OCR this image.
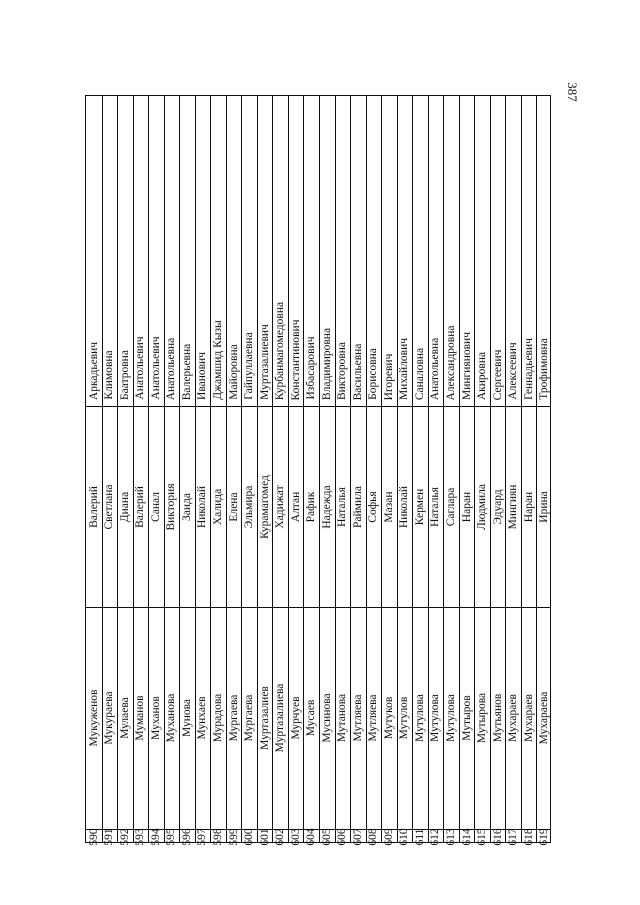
387
590
Мукуженов
Валерий
Аркадьевич
591
Мукураева
Светлана
Климовна
592
Мулаева
Диана
Баатровна
593
Муманов
Валерий
Анатольевич
594
Муханов
Санал
Анатольевич
595
Муханова
Виктория
Анатольевна
596
Мунова
Заида
Валерьевна
597
Мунхаев
Николай
Иванович
598
Мурадова
Халида
Джамшид Кызы
599
Мургаева
Елена
Майоровна
600
Мургаева
Эльмира
Гайпуллаевна
601
Муртазалиев
Курамагомед
Муртазалиевич
602
Муртазалиева
Хадижат
Курбанмагомедовна
603
Мурчуев
Алтан
Константинович
604
Мусаев
Рафик
Избасарович
605
Мусинова
Надежда
Владимировна
606
Мутанова
Наталья
Викторовна
607
Мутляева
Раймила
Васильевна
608
Мутляева
Софья
Борисовна
609
Мутуков
Мазан
Игоревич
610
Мутулов
Николай
Михайлович
611
Мутулова
Кермен
Саналовна
612
Мутулова
Наталья
Анатольевна
613
Мутулова
Саглара
Александровна
614
Мутыров
Наран
Мингиянович
615
Мутырова
Людмила
Акировна
616
Мутьянов
Эдуард
Сергеевич
617
Мухараев
Мингиян
Алексеевич
618
Мухараев
Наран
Геннадьевич
619
Мухараева
Ирина
Трофимовна
